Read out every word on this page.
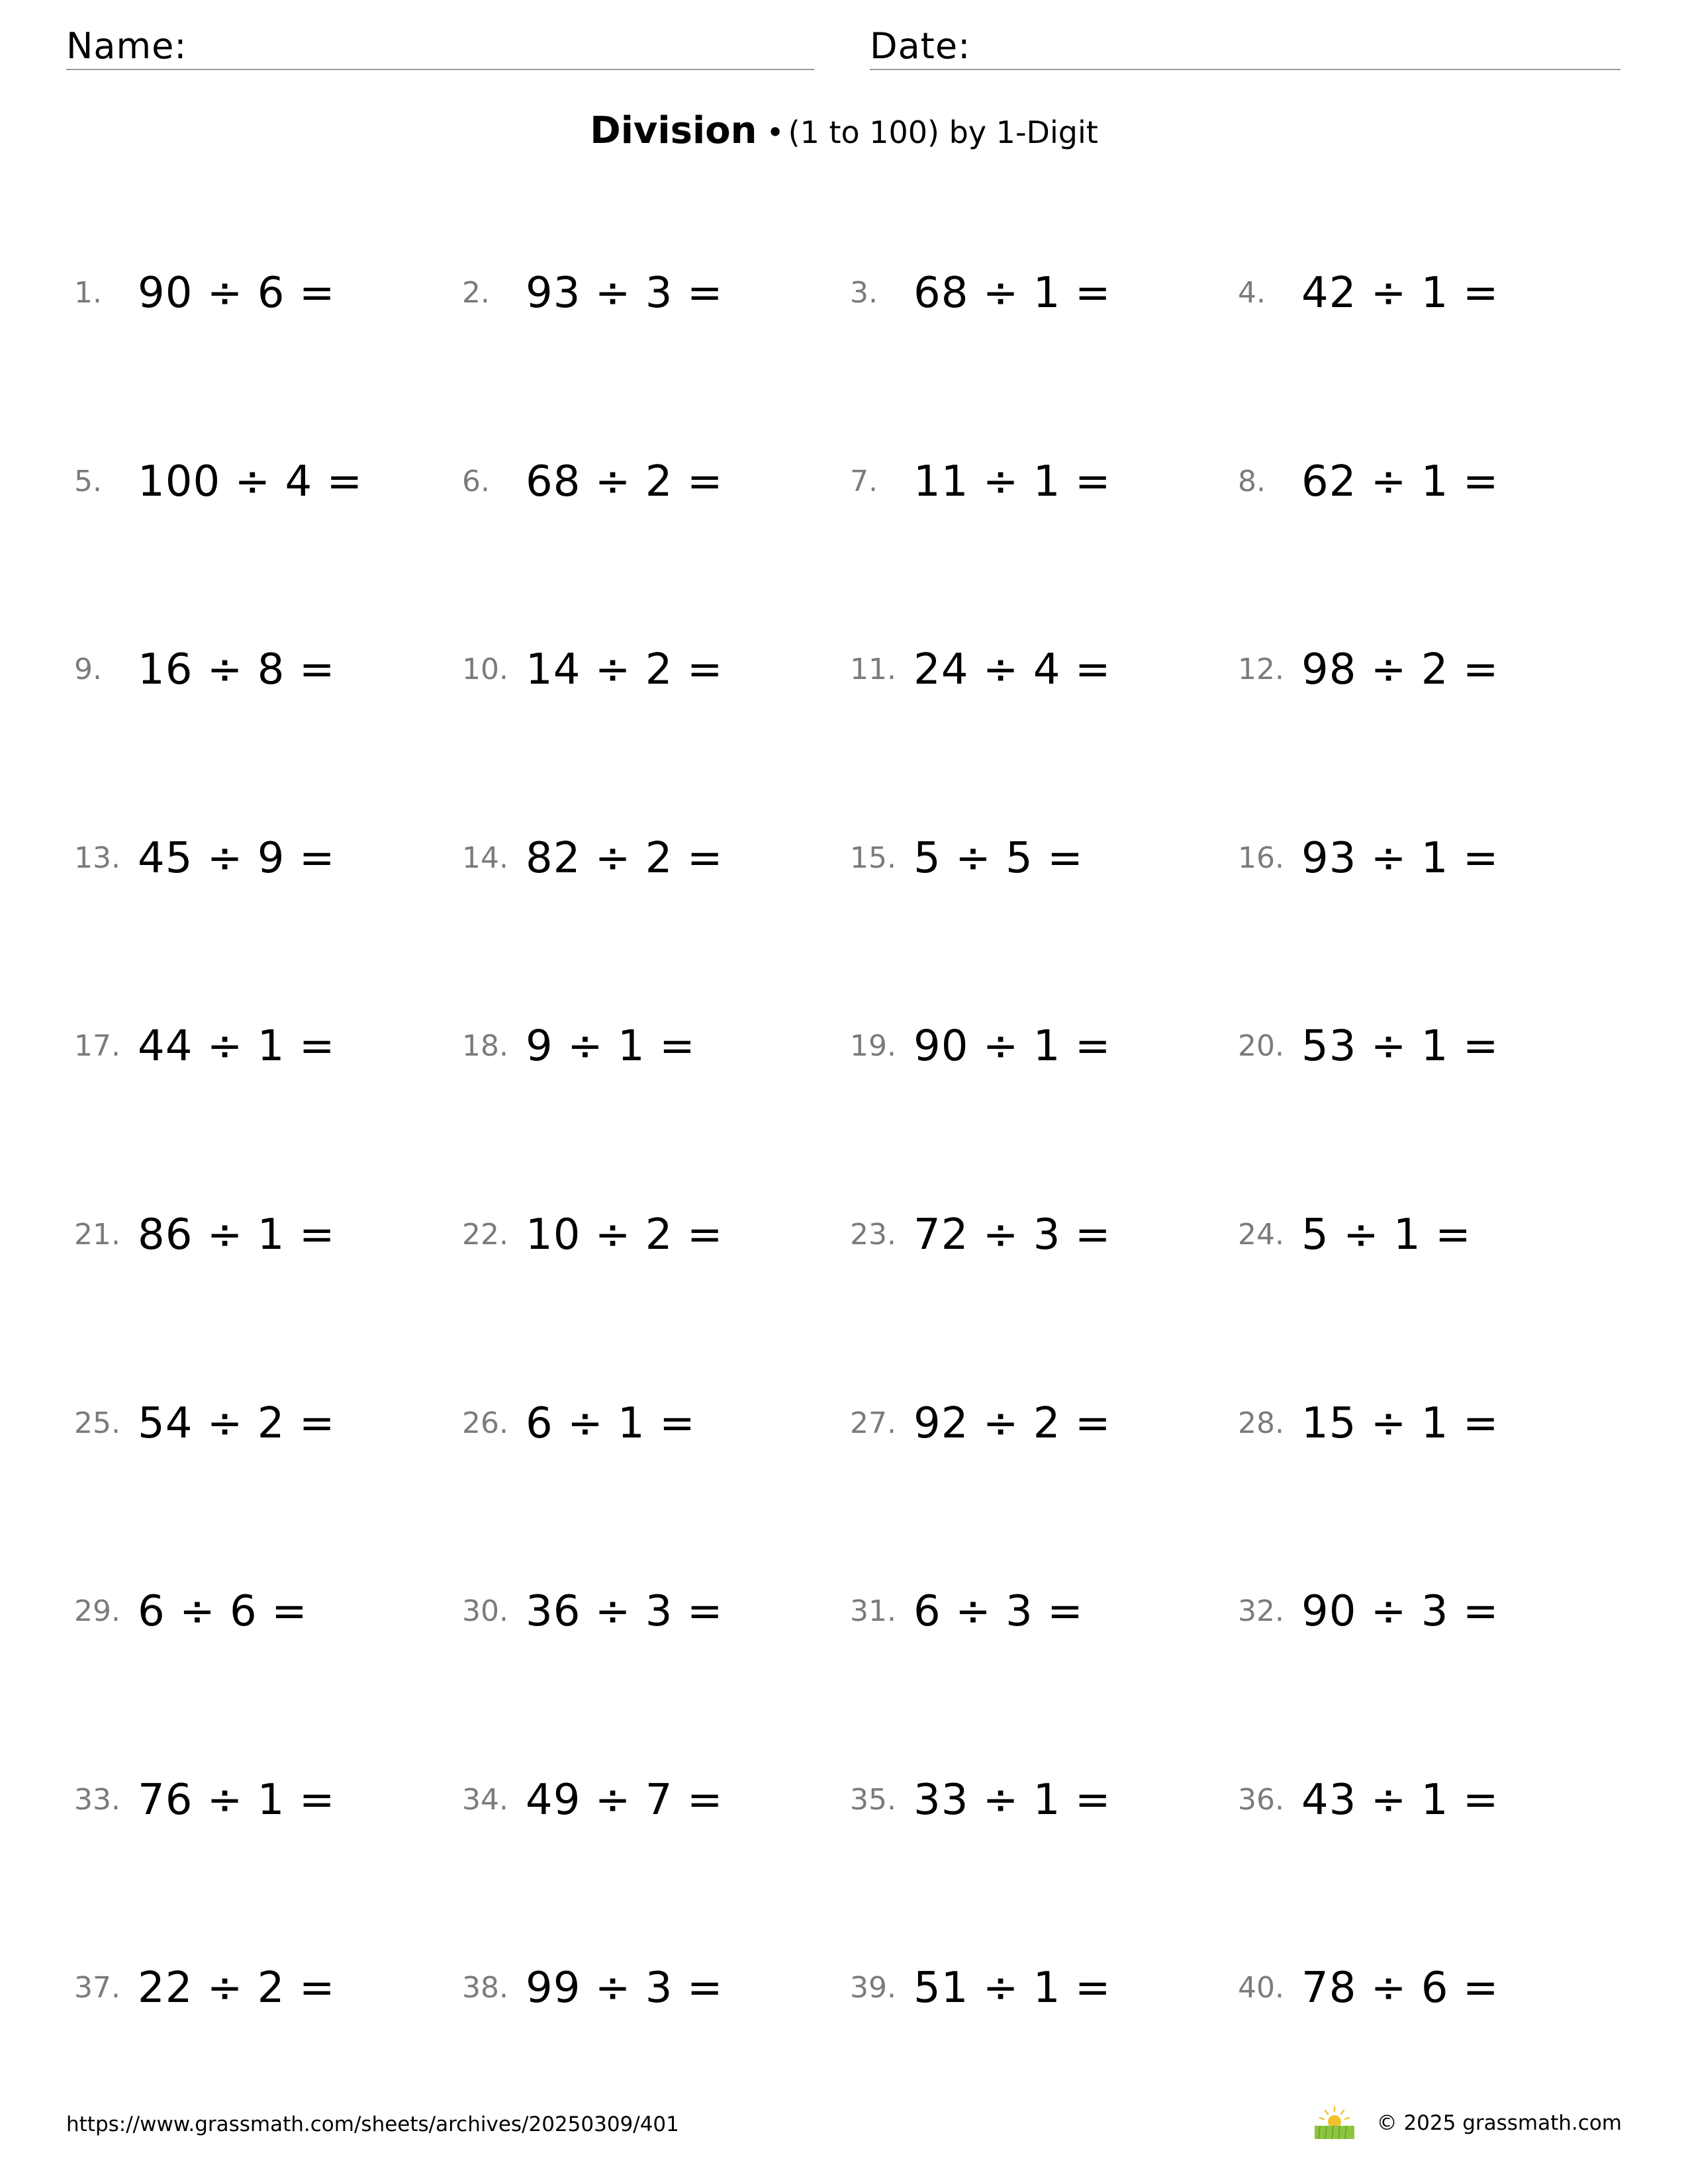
Name:	Date:
Division • (1 to 100) by 1-Digit
1. 90 ÷ 6 =	2. 93 ÷ 3 =	3. 68 ÷ 1 =	4. 42 ÷ 1 =
5. 100 ÷ 4 =	6. 68 ÷ 2 =	7. 11 ÷ 1 =	8. 62 ÷ 1 =
9. 16 ÷ 8 =	10. 14 ÷ 2 =	11. 24 ÷ 4 =	12. 98 ÷ 2 =
13. 45 ÷ 9 =	14. 82 ÷ 2 =	15. 5 ÷ 5 =	16. 93 ÷ 1 =
17. 44 ÷ 1 =	18. 9 ÷ 1 =	19. 90 ÷ 1 =	20. 53 ÷ 1 =
21. 86 ÷ 1 =	22. 10 ÷ 2 =	23. 72 ÷ 3 =	24. 5 ÷ 1 =
25. 54 ÷ 2 =	26. 6 ÷ 1 =	27. 92 ÷ 2 =	28. 15 ÷ 1 =
29. 6 ÷ 6 =	30. 36 ÷ 3 =	31. 6 ÷ 3 =	32. 90 ÷ 3 =
33. 76 ÷ 1 =	34. 49 ÷ 7 =	35. 33 ÷ 1 =	36. 43 ÷ 1 =
37. 22 ÷ 2 =	38. 99 ÷ 3 =	39. 51 ÷ 1 =	40. 78 ÷ 6 =
https://www.grassmath.com/sheets/archives/20250309/401	© 2025 grassmath.com
